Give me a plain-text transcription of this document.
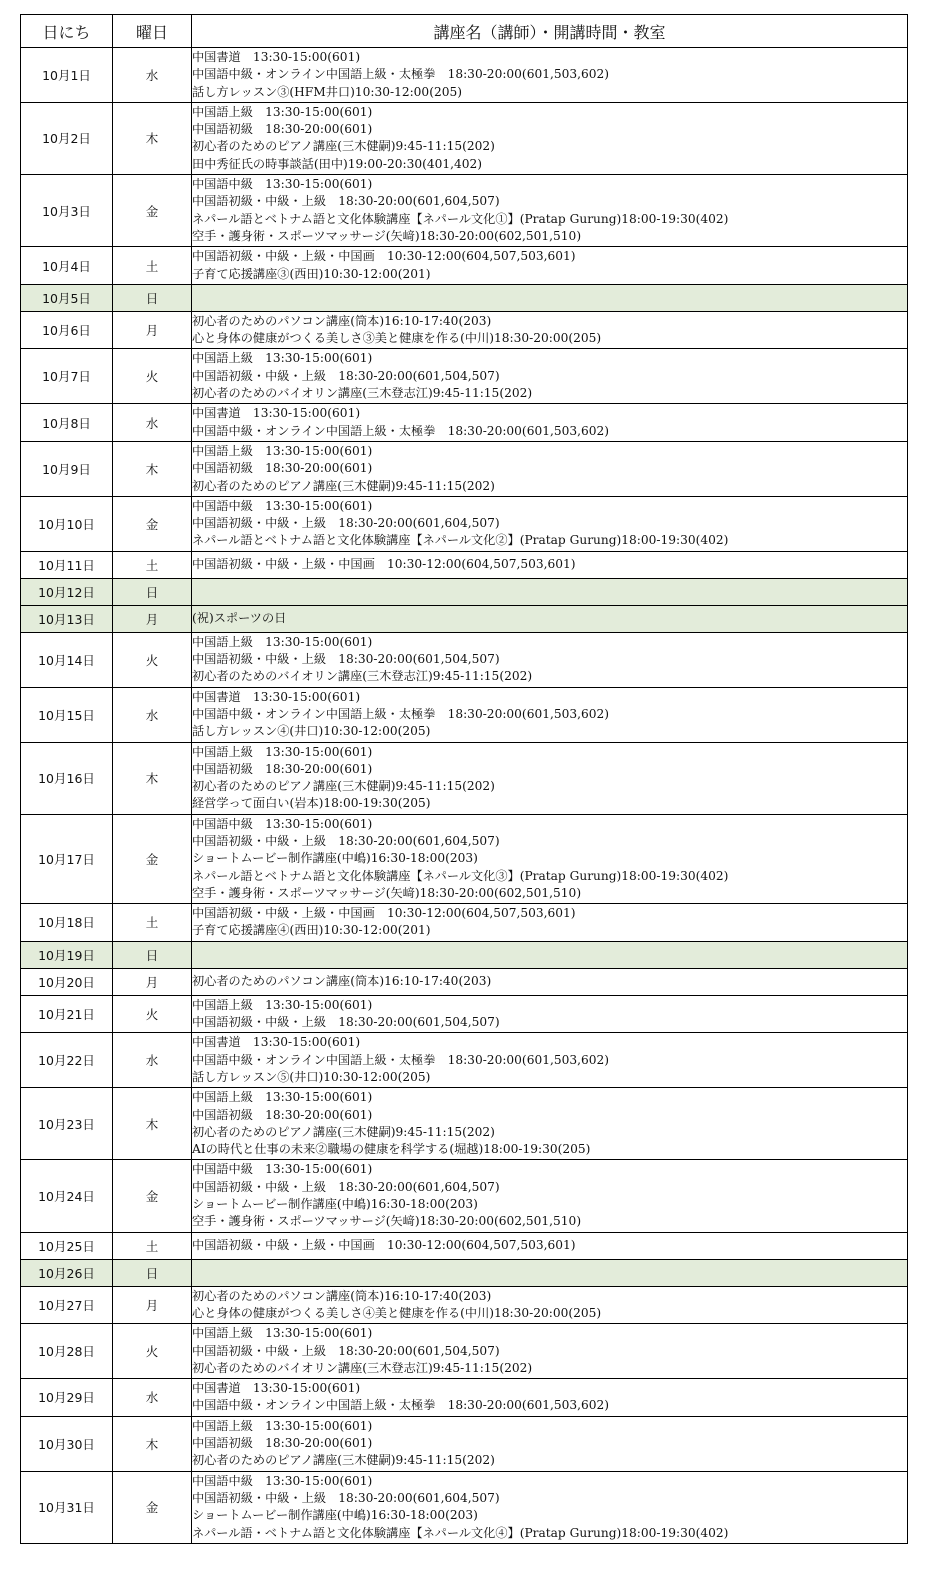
日にち	曜日	講座名（講師）・開講時間・教室
10月1日	水	中国書道　13:30-15:00(601)
中国語中級・オンライン中国語上級・太極拳　18:30-20:00(601,503,602)
話し方レッスン③(HFM井口)10:30-12:00(205)

10月2日	木	中国語上級　13:30-15:00(601)
中国語初級　18:30-20:00(601)
初心者のためのピアノ講座(三木健嗣)9:45-11:15(202)
田中秀征氏の時事談話(田中)19:00-20:30(401,402)

10月3日	金	中国語中級　13:30-15:00(601)
中国語初級・中級・上級　18:30-20:00(601,604,507)
ネパール語とベトナム語と文化体験講座【ネパール文化①】(Pratap Gurung)18:00-19:30(402)
空手・護身術・スポーツマッサージ(矢﨑)18:30-20:00(602,501,510)

10月4日	土	中国語初級・中級・上級・中国画　10:30-12:00(604,507,503,601)
子育て応援講座③(西田)10:30-12:00(201)

10月5日	日	
10月6日	月	初心者のためのパソコン講座(筒本)16:10-17:40(203)
心と身体の健康がつくる美しさ③美と健康を作る(中川)18:30-20:00(205)

10月7日	火	中国語上級　13:30-15:00(601)
中国語初級・中級・上級　18:30-20:00(601,504,507)
初心者のためのバイオリン講座(三木登志江)9:45-11:15(202)

10月8日	水	中国書道　13:30-15:00(601)
中国語中級・オンライン中国語上級・太極拳　18:30-20:00(601,503,602)

10月9日	木	中国語上級　13:30-15:00(601)
中国語初級　18:30-20:00(601)
初心者のためのピアノ講座(三木健嗣)9:45-11:15(202)

10月10日	金	中国語中級　13:30-15:00(601)
中国語初級・中級・上級　18:30-20:00(601,604,507)
ネパール語とベトナム語と文化体験講座【ネパール文化②】(Pratap Gurung)18:00-19:30(402)

10月11日	土	中国語初級・中級・上級・中国画　10:30-12:00(604,507,503,601)

10月12日	日	
10月13日	月	(祝)スポーツの日

10月14日	火	中国語上級　13:30-15:00(601)
中国語初級・中級・上級　18:30-20:00(601,504,507)
初心者のためのバイオリン講座(三木登志江)9:45-11:15(202)

10月15日	水	中国書道　13:30-15:00(601)
中国語中級・オンライン中国語上級・太極拳　18:30-20:00(601,503,602)
話し方レッスン④(井口)10:30-12:00(205)

10月16日	木	中国語上級　13:30-15:00(601)
中国語初級　18:30-20:00(601)
初心者のためのピアノ講座(三木健嗣)9:45-11:15(202)
経営学って面白い(岩本)18:00-19:30(205)

10月17日	金	中国語中級　13:30-15:00(601)
中国語初級・中級・上級　18:30-20:00(601,604,507)
ショートムービー制作講座(中嶋)16:30-18:00(203)
ネパール語とベトナム語と文化体験講座【ネパール文化③】(Pratap Gurung)18:00-19:30(402)
空手・護身術・スポーツマッサージ(矢﨑)18:30-20:00(602,501,510)

10月18日	土	中国語初級・中級・上級・中国画　10:30-12:00(604,507,503,601)
子育て応援講座④(西田)10:30-12:00(201)

10月19日	日	
10月20日	月	初心者のためのパソコン講座(筒本)16:10-17:40(203)

10月21日	火	中国語上級　13:30-15:00(601)
中国語初級・中級・上級　18:30-20:00(601,504,507)

10月22日	水	中国書道　13:30-15:00(601)
中国語中級・オンライン中国語上級・太極拳　18:30-20:00(601,503,602)
話し方レッスン⑤(井口)10:30-12:00(205)

10月23日	木	中国語上級　13:30-15:00(601)
中国語初級　18:30-20:00(601)
初心者のためのピアノ講座(三木健嗣)9:45-11:15(202)
AIの時代と仕事の未来②職場の健康を科学する(堀越)18:00-19:30(205)

10月24日	金	中国語中級　13:30-15:00(601)
中国語初級・中級・上級　18:30-20:00(601,604,507)
ショートムービー制作講座(中嶋)16:30-18:00(203)
空手・護身術・スポーツマッサージ(矢﨑)18:30-20:00(602,501,510)

10月25日	土	中国語初級・中級・上級・中国画　10:30-12:00(604,507,503,601)

10月26日	日	
10月27日	月	初心者のためのパソコン講座(筒本)16:10-17:40(203)
心と身体の健康がつくる美しさ④美と健康を作る(中川)18:30-20:00(205)

10月28日	火	中国語上級　13:30-15:00(601)
中国語初級・中級・上級　18:30-20:00(601,504,507)
初心者のためのバイオリン講座(三木登志江)9:45-11:15(202)

10月29日	水	中国書道　13:30-15:00(601)
中国語中級・オンライン中国語上級・太極拳　18:30-20:00(601,503,602)

10月30日	木	中国語上級　13:30-15:00(601)
中国語初級　18:30-20:00(601)
初心者のためのピアノ講座(三木健嗣)9:45-11:15(202)

10月31日	金	中国語中級　13:30-15:00(601)
中国語初級・中級・上級　18:30-20:00(601,604,507)
ショートムービー制作講座(中嶋)16:30-18:00(203)
ネパール語・ベトナム語と文化体験講座【ネパール文化④】(Pratap Gurung)18:00-19:30(402)
